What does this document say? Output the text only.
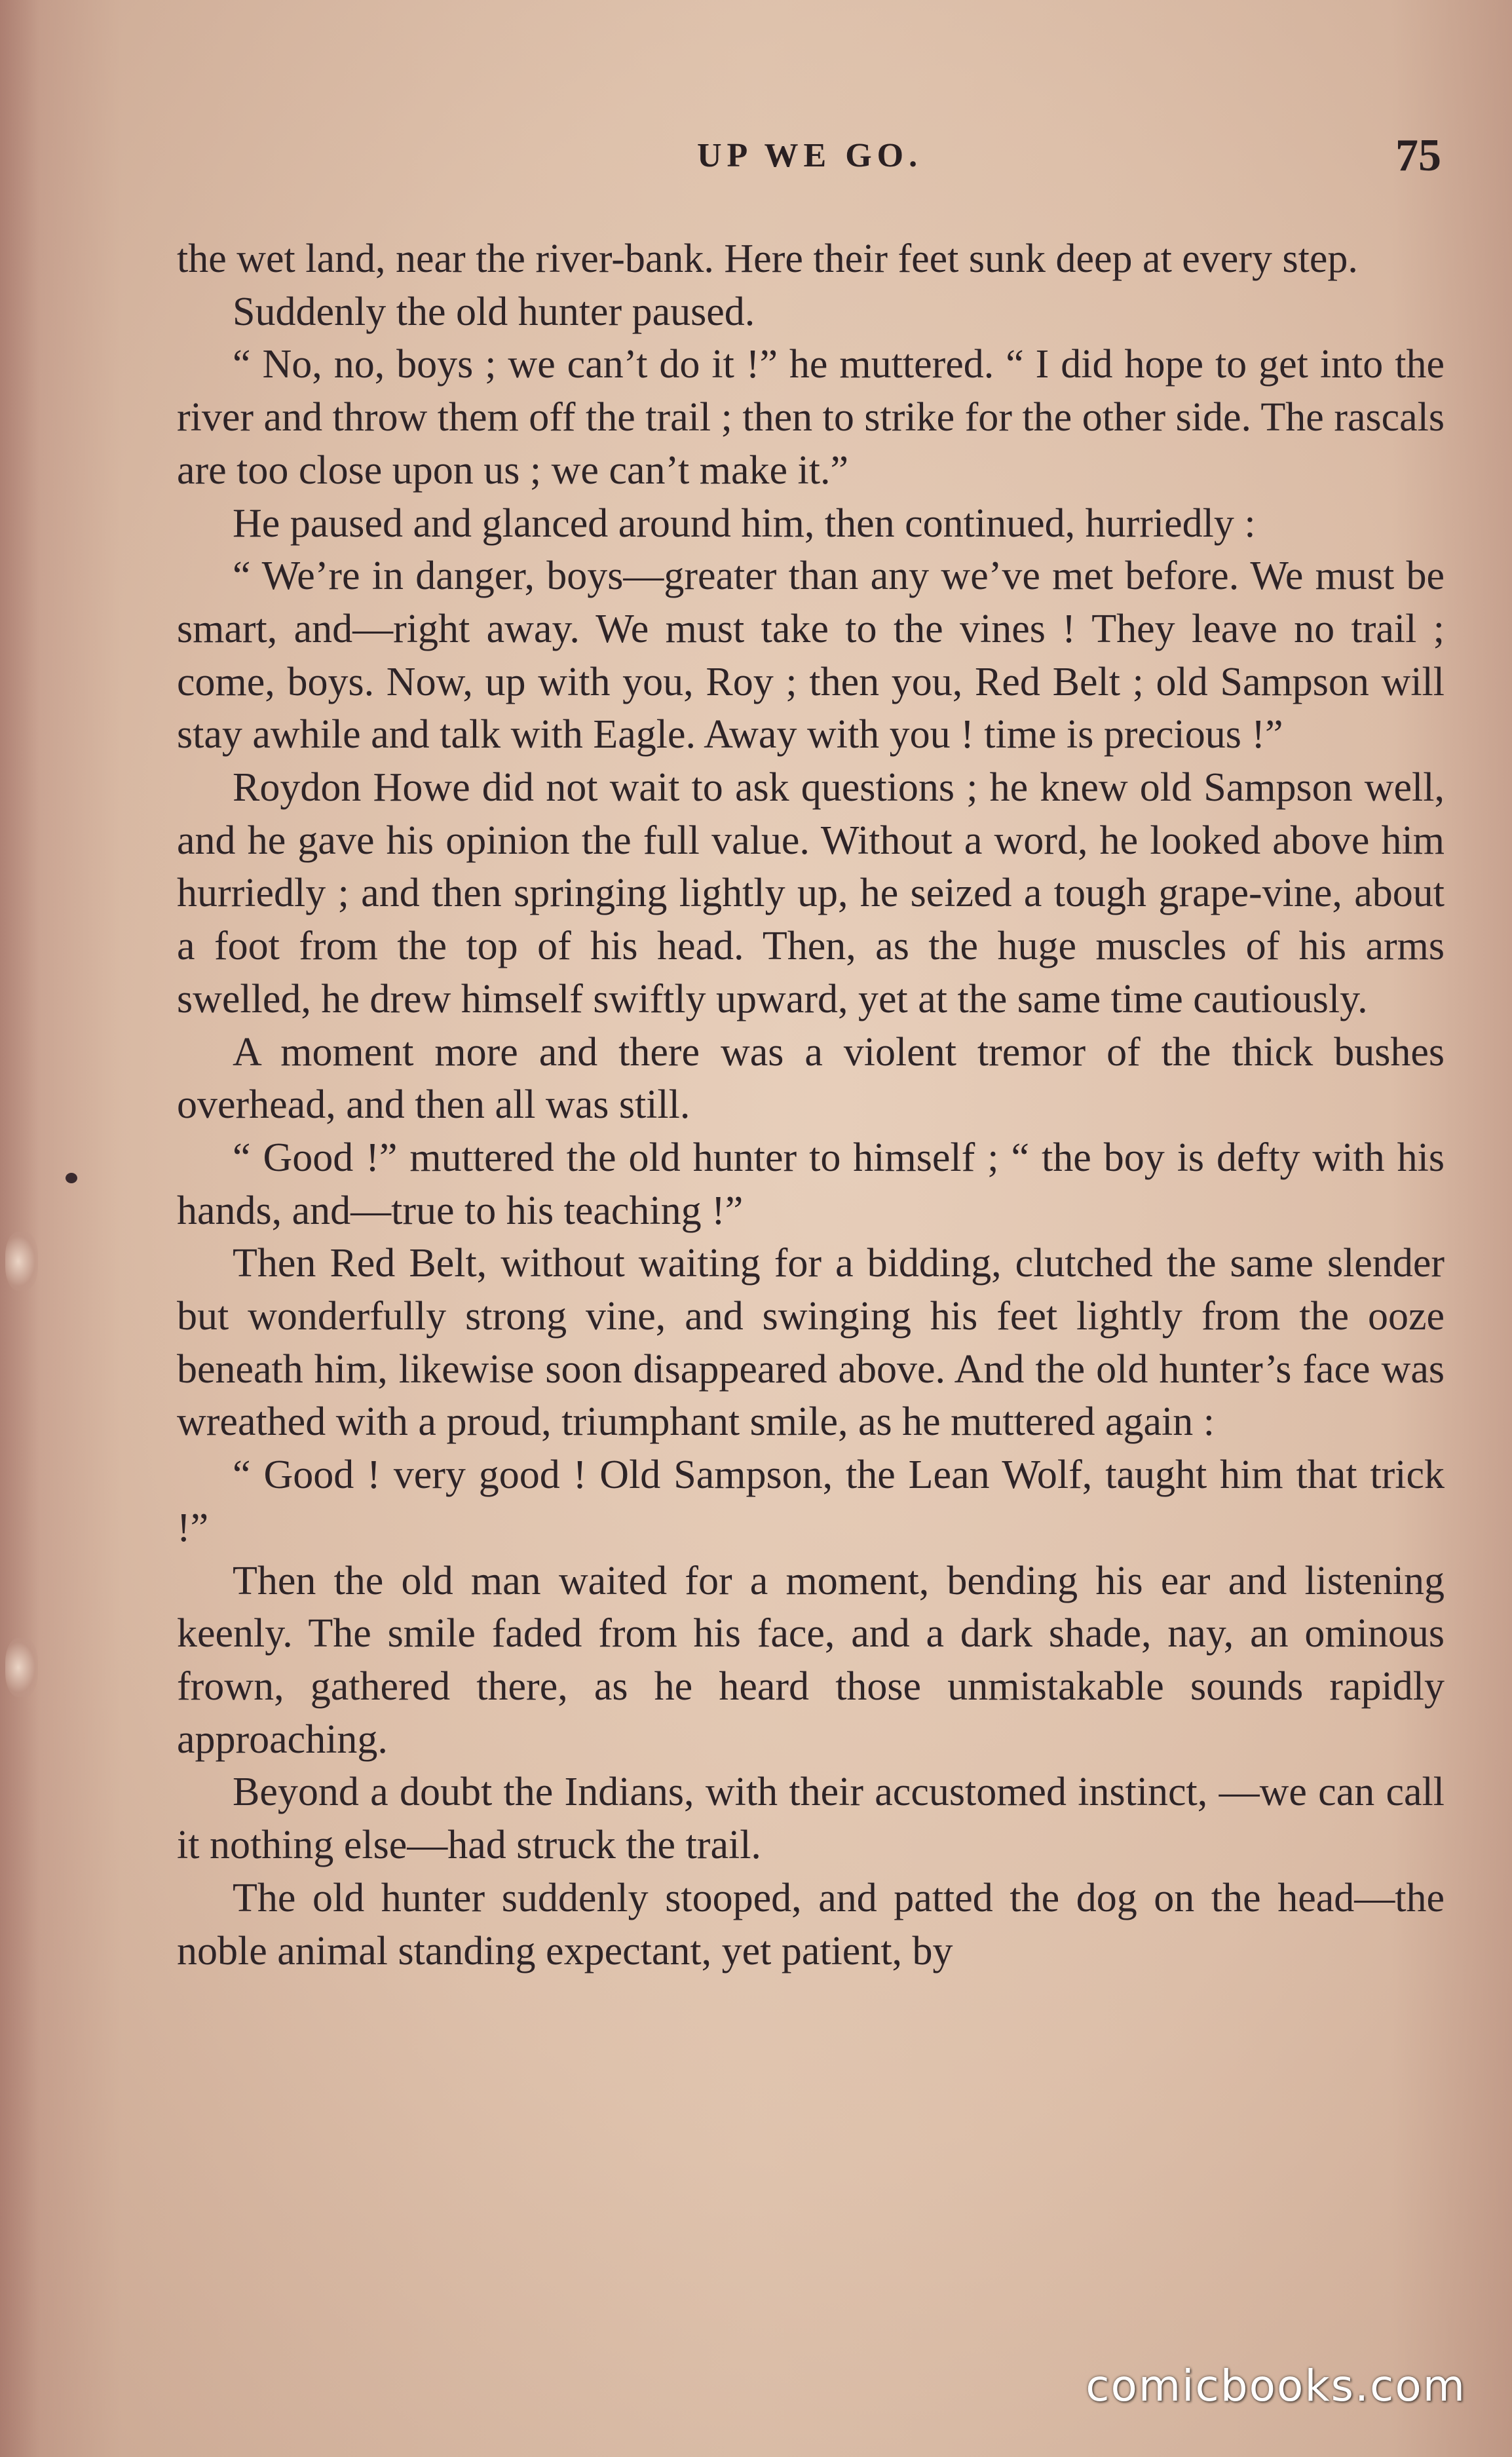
UP WE GO.	75

the wet land, near the river-bank. Here their feet sunk deep at every step.

Suddenly the old hunter paused.

“ No, no, boys ; we can’t do it !” he muttered. “ I did hope to get into the river and throw them off the trail ; then to strike for the other side. The rascals are too close upon us ; we can’t make it.”

He paused and glanced around him, then continued, hurriedly :

“ We’re in danger, boys—greater than any we’ve met before. We must be smart, and—right away. We must take to the vines ! They leave no trail ; come, boys. Now, up with you, Roy ; then you, Red Belt ; old Sampson will stay awhile and talk with Eagle. Away with you ! time is precious !”

Roydon Howe did not wait to ask questions ; he knew old Sampson well, and he gave his opinion the full value. Without a word, he looked above him hurriedly ; and then springing lightly up, he seized a tough grape-vine, about a foot from the top of his head. Then, as the huge muscles of his arms swelled, he drew himself swiftly upward, yet at the same time cautiously.

A moment more and there was a violent tremor of the thick bushes overhead, and then all was still.

“ Good !” muttered the old hunter to himself ; “ the boy is defty with his hands, and—true to his teaching !”

Then Red Belt, without waiting for a bidding, clutched the same slender but wonderfully strong vine, and swinging his feet lightly from the ooze beneath him, likewise soon disappeared above. And the old hunter’s face was wreathed with a proud, triumphant smile, as he muttered again :

“ Good ! very good ! Old Sampson, the Lean Wolf, taught him that trick !”

Then the old man waited for a moment, bending his ear and listening keenly. The smile faded from his face, and a dark shade, nay, an ominous frown, gathered there, as he heard those unmistakable sounds rapidly approaching.

Beyond a doubt the Indians, with their accustomed instinct, —we can call it nothing else—had struck the trail.

The old hunter suddenly stooped, and patted the dog on the head—the noble animal standing expectant, yet patient, by

comicbooks.com
